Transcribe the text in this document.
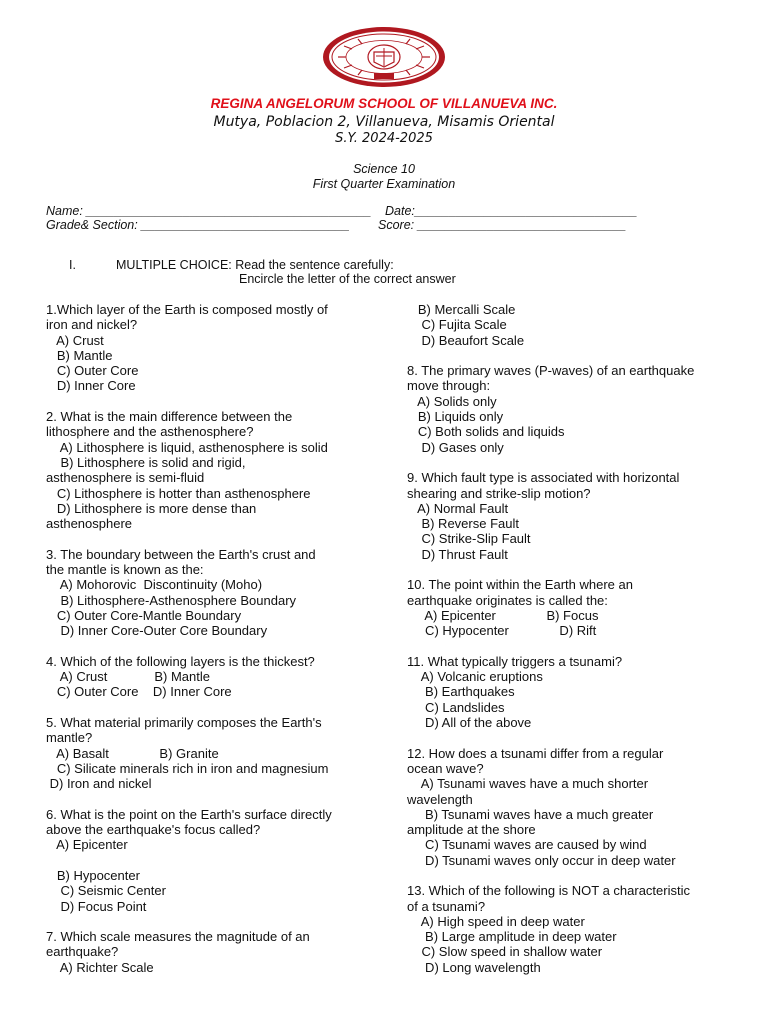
REGINA ANGELORUM SCHOOL OF VILLANUEVA INC.
Mutya, Poblacion 2, Villanueva, Misamis Oriental
S.Y. 2024-2025
Science 10
First Quarter Examination
Name: _________________________________________ Date:________________________________
Grade& Section: ______________________________ Score: ______________________________
I.	MULTIPLE CHOICE: Read the sentence carefully:
Encircle the letter of the correct answer

1.Which layer of the Earth is composed mostly of

iron and nickel?

A) Crust

B) Mantle

C) Outer Core

D) Inner Core

2. What is the main difference between the

lithosphere and the asthenosphere?

A) Lithosphere is liquid, asthenosphere is solid

B) Lithosphere is solid and rigid,

asthenosphere is semi-fluid

C) Lithosphere is hotter than asthenosphere

D) Lithosphere is more dense than

asthenosphere

3. The boundary between the Earth's crust and

the mantle is known as the:

A) Mohorovic  Discontinuity (Moho)

B) Lithosphere-Asthenosphere Boundary

C) Outer Core-Mantle Boundary

D) Inner Core-Outer Core Boundary

4. Which of the following layers is the thickest?

A) Crust             B) Mantle

C) Outer Core    D) Inner Core

5. What material primarily composes the Earth's

mantle?

A) Basalt              B) Granite

C) Silicate minerals rich in iron and magnesium

D) Iron and nickel

6. What is the point on the Earth's surface directly

above the earthquake's focus called?

A) Epicenter

B) Hypocenter

C) Seismic Center

D) Focus Point

7. Which scale measures the magnitude of an

earthquake?

A) Richter Scale

B) Mercalli Scale

C) Fujita Scale

D) Beaufort Scale

8. The primary waves (P-waves) of an earthquake

move through:

A) Solids only

B) Liquids only

C) Both solids and liquids

D) Gases only

9. Which fault type is associated with horizontal

shearing and strike-slip motion?

A) Normal Fault

B) Reverse Fault

C) Strike-Slip Fault

D) Thrust Fault

10. The point within the Earth where an

earthquake originates is called the:

A) Epicenter              B) Focus

C) Hypocenter              D) Rift

11. What typically triggers a tsunami?

A) Volcanic eruptions

B) Earthquakes

C) Landslides

D) All of the above

12. How does a tsunami differ from a regular

ocean wave?

A) Tsunami waves have a much shorter

wavelength

B) Tsunami waves have a much greater

amplitude at the shore

C) Tsunami waves are caused by wind

D) Tsunami waves only occur in deep water

13. Which of the following is NOT a characteristic

of a tsunami?

A) High speed in deep water

B) Large amplitude in deep water

C) Slow speed in shallow water

D) Long wavelength
